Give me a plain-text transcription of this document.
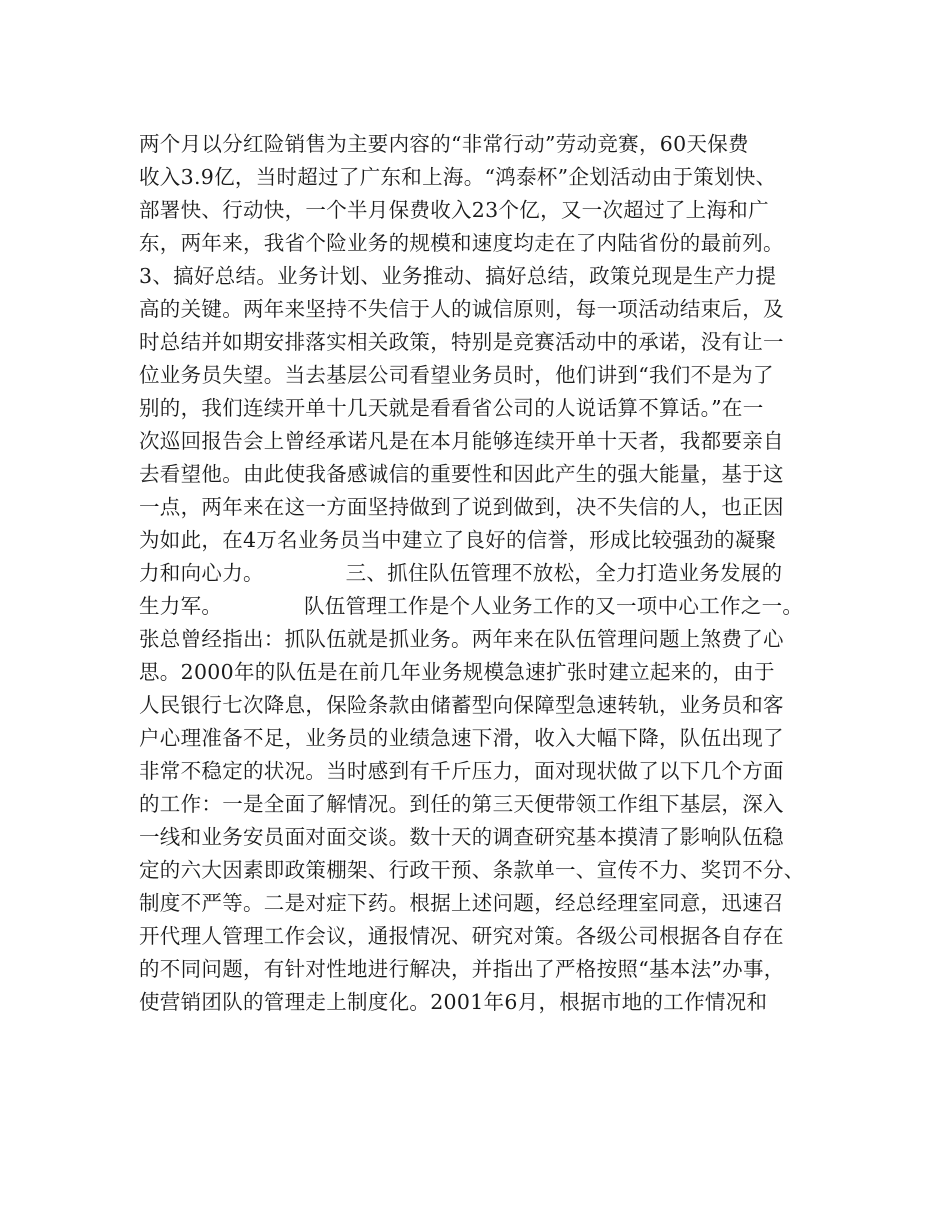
两个月以分红险销售为主要内容的“非常行动”劳动竞赛，60天保费
收入3.9亿，当时超过了广东和上海。“鸿泰杯”企划活动由于策划快、
部署快、行动快，一个半月保费收入23个亿，又一次超过了上海和广
东，两年来，我省个险业务的规模和速度均走在了内陆省份的最前列。
3、搞好总结。业务计划、业务推动、搞好总结，政策兑现是生产力提
高的关键。两年来坚持不失信于人的诚信原则，每一项活动结束后，及
时总结并如期安排落实相关政策，特别是竞赛活动中的承诺，没有让一
位业务员失望。当去基层公司看望业务员时，他们讲到“我们不是为了
别的，我们连续开单十几天就是看看省公司的人说话算不算话。”在一
次巡回报告会上曾经承诺凡是在本月能够连续开单十天者，我都要亲自
去看望他。由此使我备感诚信的重要性和因此产生的强大能量，基于这
一点，两年来在这一方面坚持做到了说到做到，决不失信的人，也正因
为如此，在4万名业务员当中建立了良好的信誉，形成比较强劲的凝聚
力和向心力。            三、抓住队伍管理不放松，全力打造业务发展的
生力军。            队伍管理工作是个人业务工作的又一项中心工作之一。
张总曾经指出：抓队伍就是抓业务。两年来在队伍管理问题上煞费了心
思。2000年的队伍是在前几年业务规模急速扩张时建立起来的，由于
人民银行七次降息，保险条款由储蓄型向保障型急速转轨，业务员和客
户心理准备不足，业务员的业绩急速下滑，收入大幅下降，队伍出现了
非常不稳定的状况。当时感到有千斤压力，面对现状做了以下几个方面
的工作：一是全面了解情况。到任的第三天便带领工作组下基层，深入
一线和业务安员面对面交谈。数十天的调查研究基本摸清了影响队伍稳
定的六大因素即政策棚架、行政干预、条款单一、宣传不力、奖罚不分、
制度不严等。二是对症下药。根据上述问题，经总经理室同意，迅速召
开代理人管理工作会议，通报情况、研究对策。各级公司根据各自存在
的不同问题，有针对性地进行解决，并指出了严格按照“基本法”办事，
使营销团队的管理走上制度化。2001年6月，根据市地的工作情况和
